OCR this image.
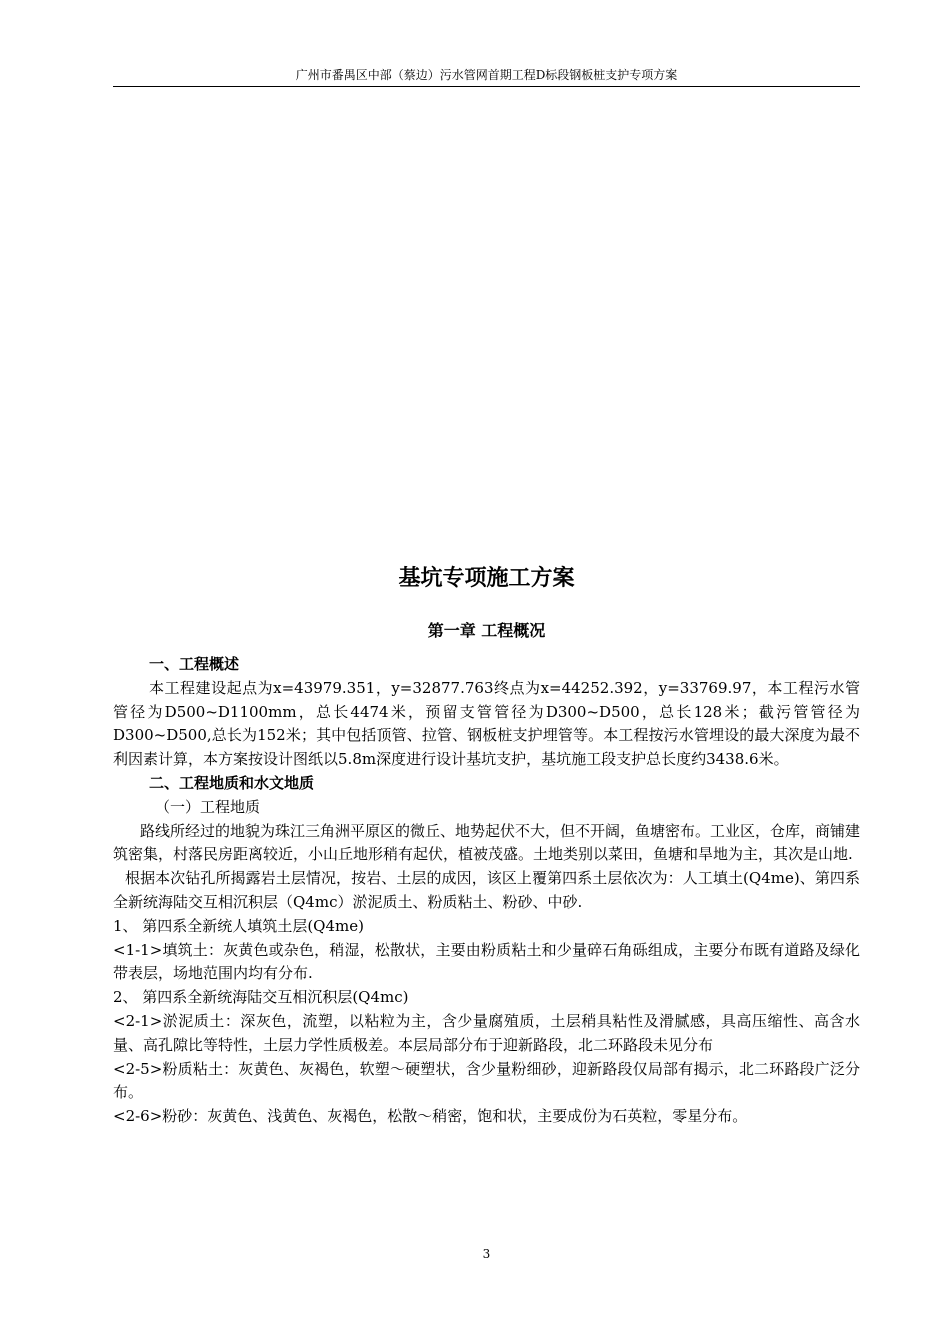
广州市番禺区中部（蔡边）污水管网首期工程D标段钢板桩支护专项方案
基坑专项施工方案
第一章 工程概况

一、工程概述

本工程建设起点为x=43979.351，y=32877.763终点为x=44252.392，y=33769.97，本工程污水管管径为D500~D1100mm，总长4474米，预留支管管径为D300~D500，总长128米；截污管管径为D300~D500,总长为152米；其中包括顶管、拉管、钢板桩支护埋管等。本工程按污水管埋设的最大深度为最不利因素计算，本方案按设计图纸以5.8m深度进行设计基坑支护，基坑施工段支护总长度约3438.6米。

二、工程地质和水文地质

（一）工程地质

路线所经过的地貌为珠江三角洲平原区的微丘、地势起伏不大，但不开阔，鱼塘密布。工业区，仓库，商铺建筑密集，村落民房距离较近，小山丘地形稍有起伏，植被茂盛。土地类别以菜田，鱼塘和旱地为主，其次是山地.

根据本次钻孔所揭露岩土层情况，按岩、土层的成因，该区上覆第四系土层依次为：人工填土(Q4me)、第四系全新统海陆交互相沉积层（Q4mc）淤泥质土、粉质粘土、粉砂、中砂.

1、 第四系全新统人填筑土层(Q4me)

<1-1>填筑土：灰黄色或杂色，稍湿，松散状，主要由粉质粘土和少量碎石角砾组成，主要分布既有道路及绿化带表层，场地范围内均有分布.

2、 第四系全新统海陆交互相沉积层(Q4mc)

<2-1>淤泥质土：深灰色，流塑，以粘粒为主，含少量腐殖质，土层稍具粘性及滑腻感，具高压缩性、高含水量、高孔隙比等特性，土层力学性质极差。本层局部分布于迎新路段，北二环路段未见分布

<2-5>粉质粘土：灰黄色、灰褐色，软塑～硬塑状，含少量粉细砂，迎新路段仅局部有揭示，北二环路段广泛分布。

<2-6>粉砂：灰黄色、浅黄色、灰褐色，松散～稍密，饱和状，主要成份为石英粒，零星分布。

3
